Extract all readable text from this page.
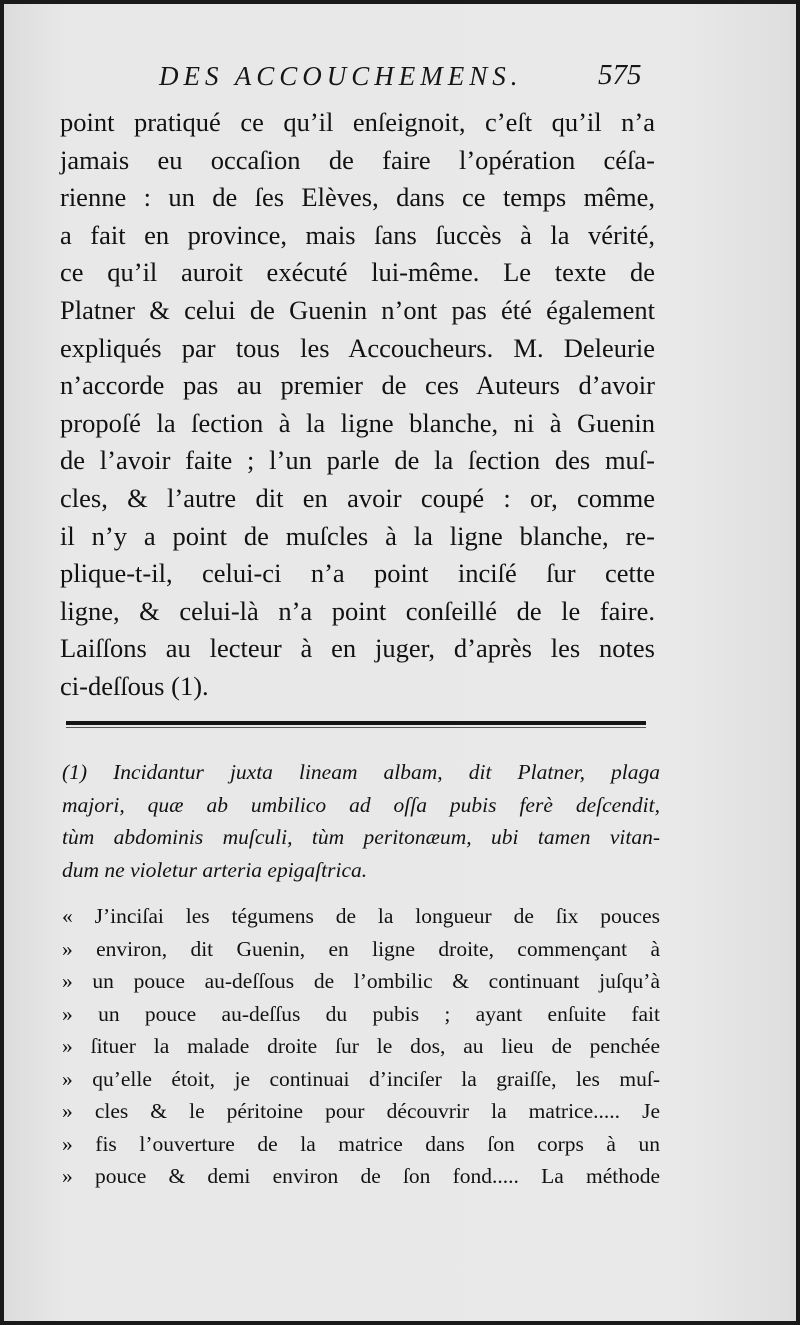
DES ACCOUCHEMENS.	575
point pratiqué ce qu’il enſeignoit, c’eſt qu’il n’a
jamais eu occaſion de faire l’opération céſa-
rienne : un de ſes Elèves, dans ce temps même,
a fait en province, mais ſans ſuccès à la vérité,
ce qu’il auroit exécuté lui-même. Le texte de
Platner & celui de Guenin n’ont pas été également
expliqués par tous les Accoucheurs. M. Deleurie
n’accorde pas au premier de ces Auteurs d’avoir
propoſé la ſection à la ligne blanche, ni à Guenin
de l’avoir faite ; l’un parle de la ſection des muſ-
cles, & l’autre dit en avoir coupé : or, comme
il n’y a point de muſcles à la ligne blanche, re-
plique-t-il, celui-ci n’a point inciſé ſur cette
ligne, & celui-là n’a point conſeillé de le faire.
Laiſſons au lecteur à en juger, d’après les notes
ci-deſſous (1).
(1) Incidantur juxta lineam albam, dit Platner, plaga
majori, quæ ab umbilico ad oſſa pubis ferè deſcendit,
tùm abdominis muſculi, tùm peritonæum, ubi tamen vitan-
dum ne violetur arteria epigaſtrica.
« J’inciſai les tégumens de la longueur de ſix pouces
» environ, dit Guenin, en ligne droite, commençant à
» un pouce au-deſſous de l’ombilic & continuant juſqu’à
» un pouce au-deſſus du pubis ; ayant enſuite fait
» ſituer la malade droite ſur le dos, au lieu de penchée
» qu’elle étoit, je continuai d’inciſer la graiſſe, les muſ-
» cles & le péritoine pour découvrir la matrice..... Je
» fis l’ouverture de la matrice dans ſon corps à un
» pouce & demi environ de ſon fond..... La méthode
